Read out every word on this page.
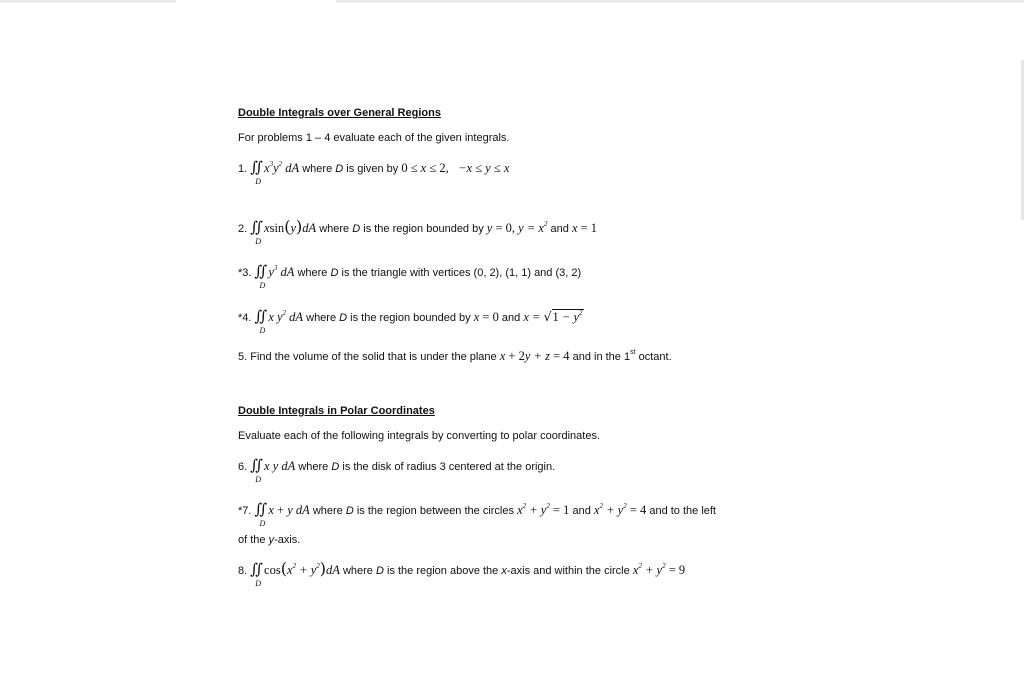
Double Integrals over General Regions
For problems 1 – 4 evaluate each of the given integrals.
1. ∬
D
$x^3y^2$ dA where D is given by 0 ≤ x ≤ 2,   −x ≤ y ≤ x
2. ∬
D
xsin(y)dA where D is the region bounded by y = 0, $y = x^2$ and x = 1
*3. ∬
D
$y^3$ dA where D is the triangle with vertices (0, 2), (1, 1) and (3, 2)
*4. ∬
D
x $y^2$ dA where D is the region bounded by x = 0 and $x = √1 - y^2$
5. Find the volume of the solid that is under the plane x + 2y + z = 4 and in the 1st octant.
Double Integrals in Polar Coordinates
Evaluate each of the following integrals by converting to polar coordinates.
6. ∬
D
x y dA where D is the disk of radius 3 centered at the origin.
*7. ∬
D
x + y dA where D is the region between the circles $x^2 + y^2 = 1$ and $x^2 + y^2 = 4$ and to the left
of the y-axis.
8. ∬
D
$\cos(x^2 + y^2)dA$ where D is the region above the x-axis and within the circle $x^2 + y^2 = 9$
